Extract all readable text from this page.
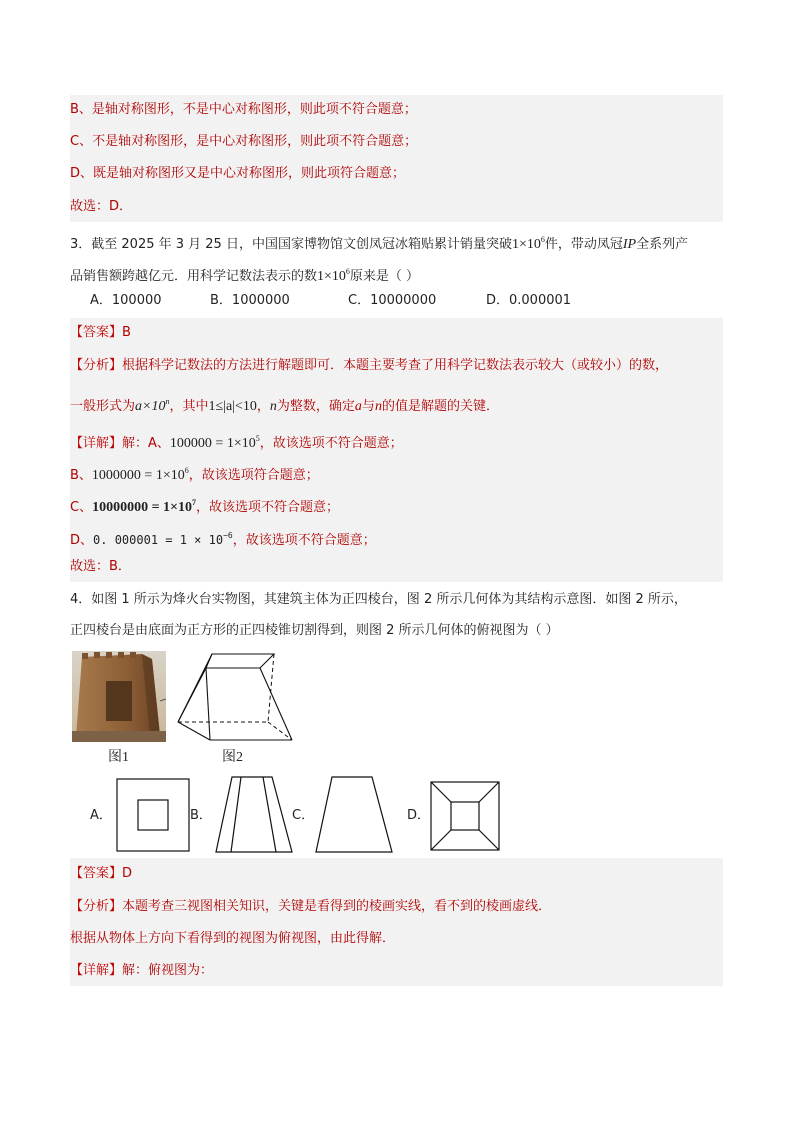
B、是轴对称图形，不是中心对称图形，则此项不符合题意；
C、不是轴对称图形，是中心对称图形，则此项不符合题意；
D、既是轴对称图形又是中心对称图形，则此项符合题意；
故选：D．
3．截至 2025 年 3 月 25 日，中国国家博物馆文创凤冠冰箱贴累计销量突破$1\times 10^6$件，带动凤冠IP全系列产
品销售额跨越亿元．用科学记数法表示的数$1\times 10^6$原来是（ ）
A．100000	B．1000000	C．10000000	D．0.000001
【答案】B
【分析】根据科学记数法的方法进行解题即可．本题主要考查了用科学记数法表示较大（或较小）的数，
一般形式为$a\times 10^n$，其中1≤|a|<10，n为整数，确定a与n的值是解题的关键．
【详解】解：A、$100000 = 1\times 10^5$，故该选项不符合题意；
B、$1000000 = 1\times 10^6$，故该选项符合题意；
C、$10000000 = 1\times 10^7$，故该选项不符合题意；
D、0. $000001 = 1 \times 10^{-6}$，故该选项不符合题意；
故选：B．
4．如图 1 所示为烽火台实物图，其建筑主体为正四棱台，图 2 所示几何体为其结构示意图．如图 2 所示，
正四棱台是由底面为正方形的正四棱锥切割得到，则图 2 所示几何体的俯视图为（ ）
图1	图2
A．	B．	C．	D．
【答案】D
【分析】本题考查三视图相关知识，关键是看得到的棱画实线，看不到的棱画虚线．
根据从物体上方向下看得到的视图为俯视图，由此得解．
【详解】解：俯视图为：
